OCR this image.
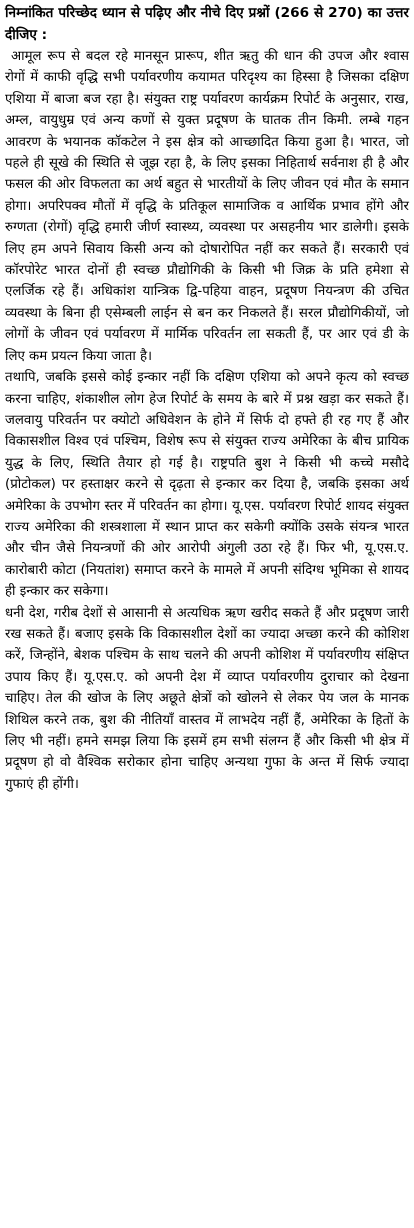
निम्नांकित परिच्छेद ध्यान से पढ़िए और नीचे दिए प्रश्नों (266 से 270) का उत्तर दीजिए :

आमूल रूप से बदल रहे मानसून प्रारूप, शीत ऋतु की धान की उपज और श्वास रोगों में काफी वृद्धि सभी पर्यावरणीय कयामत परिदृश्य का हिस्सा है जिसका दक्षिण एशिया में बाजा बज रहा है। संयुक्त राष्ट्र पर्यावरण कार्यक्रम रिपोर्ट के अनुसार, राख, अम्ल, वायुधुम्र एवं अन्य कणों से युक्त प्रदूषण के घातक तीन किमी. लम्बे गहन आवरण के भयानक कॉकटेल ने इस क्षेत्र को आच्छादित किया हुआ है। भारत, जो पहले ही सूखे की स्थिति से जूझ रहा है, के लिए इसका निहितार्थ सर्वनाश ही है और फसल की ओर विफलता का अर्थ बहुत से भारतीयों के लिए जीवन एवं मौत के समान होगा। अपरिपक्व मौतों में वृद्धि के प्रतिकूल सामाजिक व आर्थिक प्रभाव होंगे और रुग्णता (रोगों) वृद्धि हमारी जीर्ण स्वास्थ्य, व्यवस्था पर असहनीय भार डालेगी। इसके लिए हम अपने सिवाय किसी अन्य को दोषारोपित नहीं कर सकते हैं। सरकारी एवं कॉरपोरेट भारत दोनों ही स्वच्छ प्रौद्योगिकी के किसी भी जिक्र के प्रति हमेशा से एलर्जिक रहे हैं। अधिकांश यान्त्रिक द्वि-पहिया वाहन, प्रदूषण नियन्त्रण की उचित व्यवस्था के बिना ही एसेम्बली लाईन से बन कर निकलते हैं। सरल प्रौद्योगिकीयों, जो लोगों के जीवन एवं पर्यावरण में मार्मिक परिवर्तन ला सकती हैं, पर आर एवं डी के लिए कम प्रयत्न किया जाता है।

तथापि, जबकि इससे कोई इन्कार नहीं कि दक्षिण एशिया को अपने कृत्य को स्वच्छ करना चाहिए, शंकाशील लोग हेज रिपोर्ट के समय के बारे में प्रश्न खड़ा कर सकते हैं। जलवायु परिवर्तन पर क्योटो अधिवेशन के होने में सिर्फ दो हफ्ते ही रह गए हैं और विकासशील विश्व एवं पश्चिम, विशेष रूप से संयुक्त राज्य अमेरिका के बीच प्रायिक युद्ध के लिए, स्थिति तैयार हो गई है। राष्ट्रपति बुश ने किसी भी कच्चे मसौदे (प्रोटोकल) पर हस्ताक्षर करने से दृढ़ता से इन्कार कर दिया है, जबकि इसका अर्थ अमेरिका के उपभोग स्तर में परिवर्तन का होगा। यू.एस. पर्यावरण रिपोर्ट शायद संयुक्त राज्य अमेरिका की शस्त्रशाला में स्थान प्राप्त कर सकेगी क्योंकि उसके संयन्त्र भारत और चीन जैसे नियन्त्रणों की ओर आरोपी अंगुली उठा रहे हैं। फिर भी, यू.एस.ए. कारोबारी कोटा (नियतांश) समाप्त करने के मामले में अपनी संदिग्ध भूमिका से शायद ही इन्कार कर सकेगा।

धनी देश, गरीब देशों से आसानी से अत्यधिक ऋण खरीद सकते हैं और प्रदूषण जारी रख सकते हैं। बजाए इसके कि विकासशील देशों का ज्यादा अच्छा करने की कोशिश करें, जिन्होंने, बेशक पश्चिम के साथ चलने की अपनी कोशिश में पर्यावरणीय संक्षिप्त उपाय किए हैं। यू.एस.ए. को अपनी देश में व्याप्त पर्यावरणीय दुराचार को देखना चाहिए। तेल की खोज के लिए अछूते क्षेत्रों को खोलने से लेकर पेय जल के मानक शिथिल करने तक, बुश की नीतियाँ वास्तव में लाभदेय नहीं हैं, अमेरिका के हितों के लिए भी नहीं। हमने समझ लिया कि इसमें हम सभी संलग्न हैं और किसी भी क्षेत्र में प्रदूषण हो वो वैश्विक सरोकार होना चाहिए अन्यथा गुफा के अन्त में सिर्फ ज्यादा गुफाएं ही होंगी।
